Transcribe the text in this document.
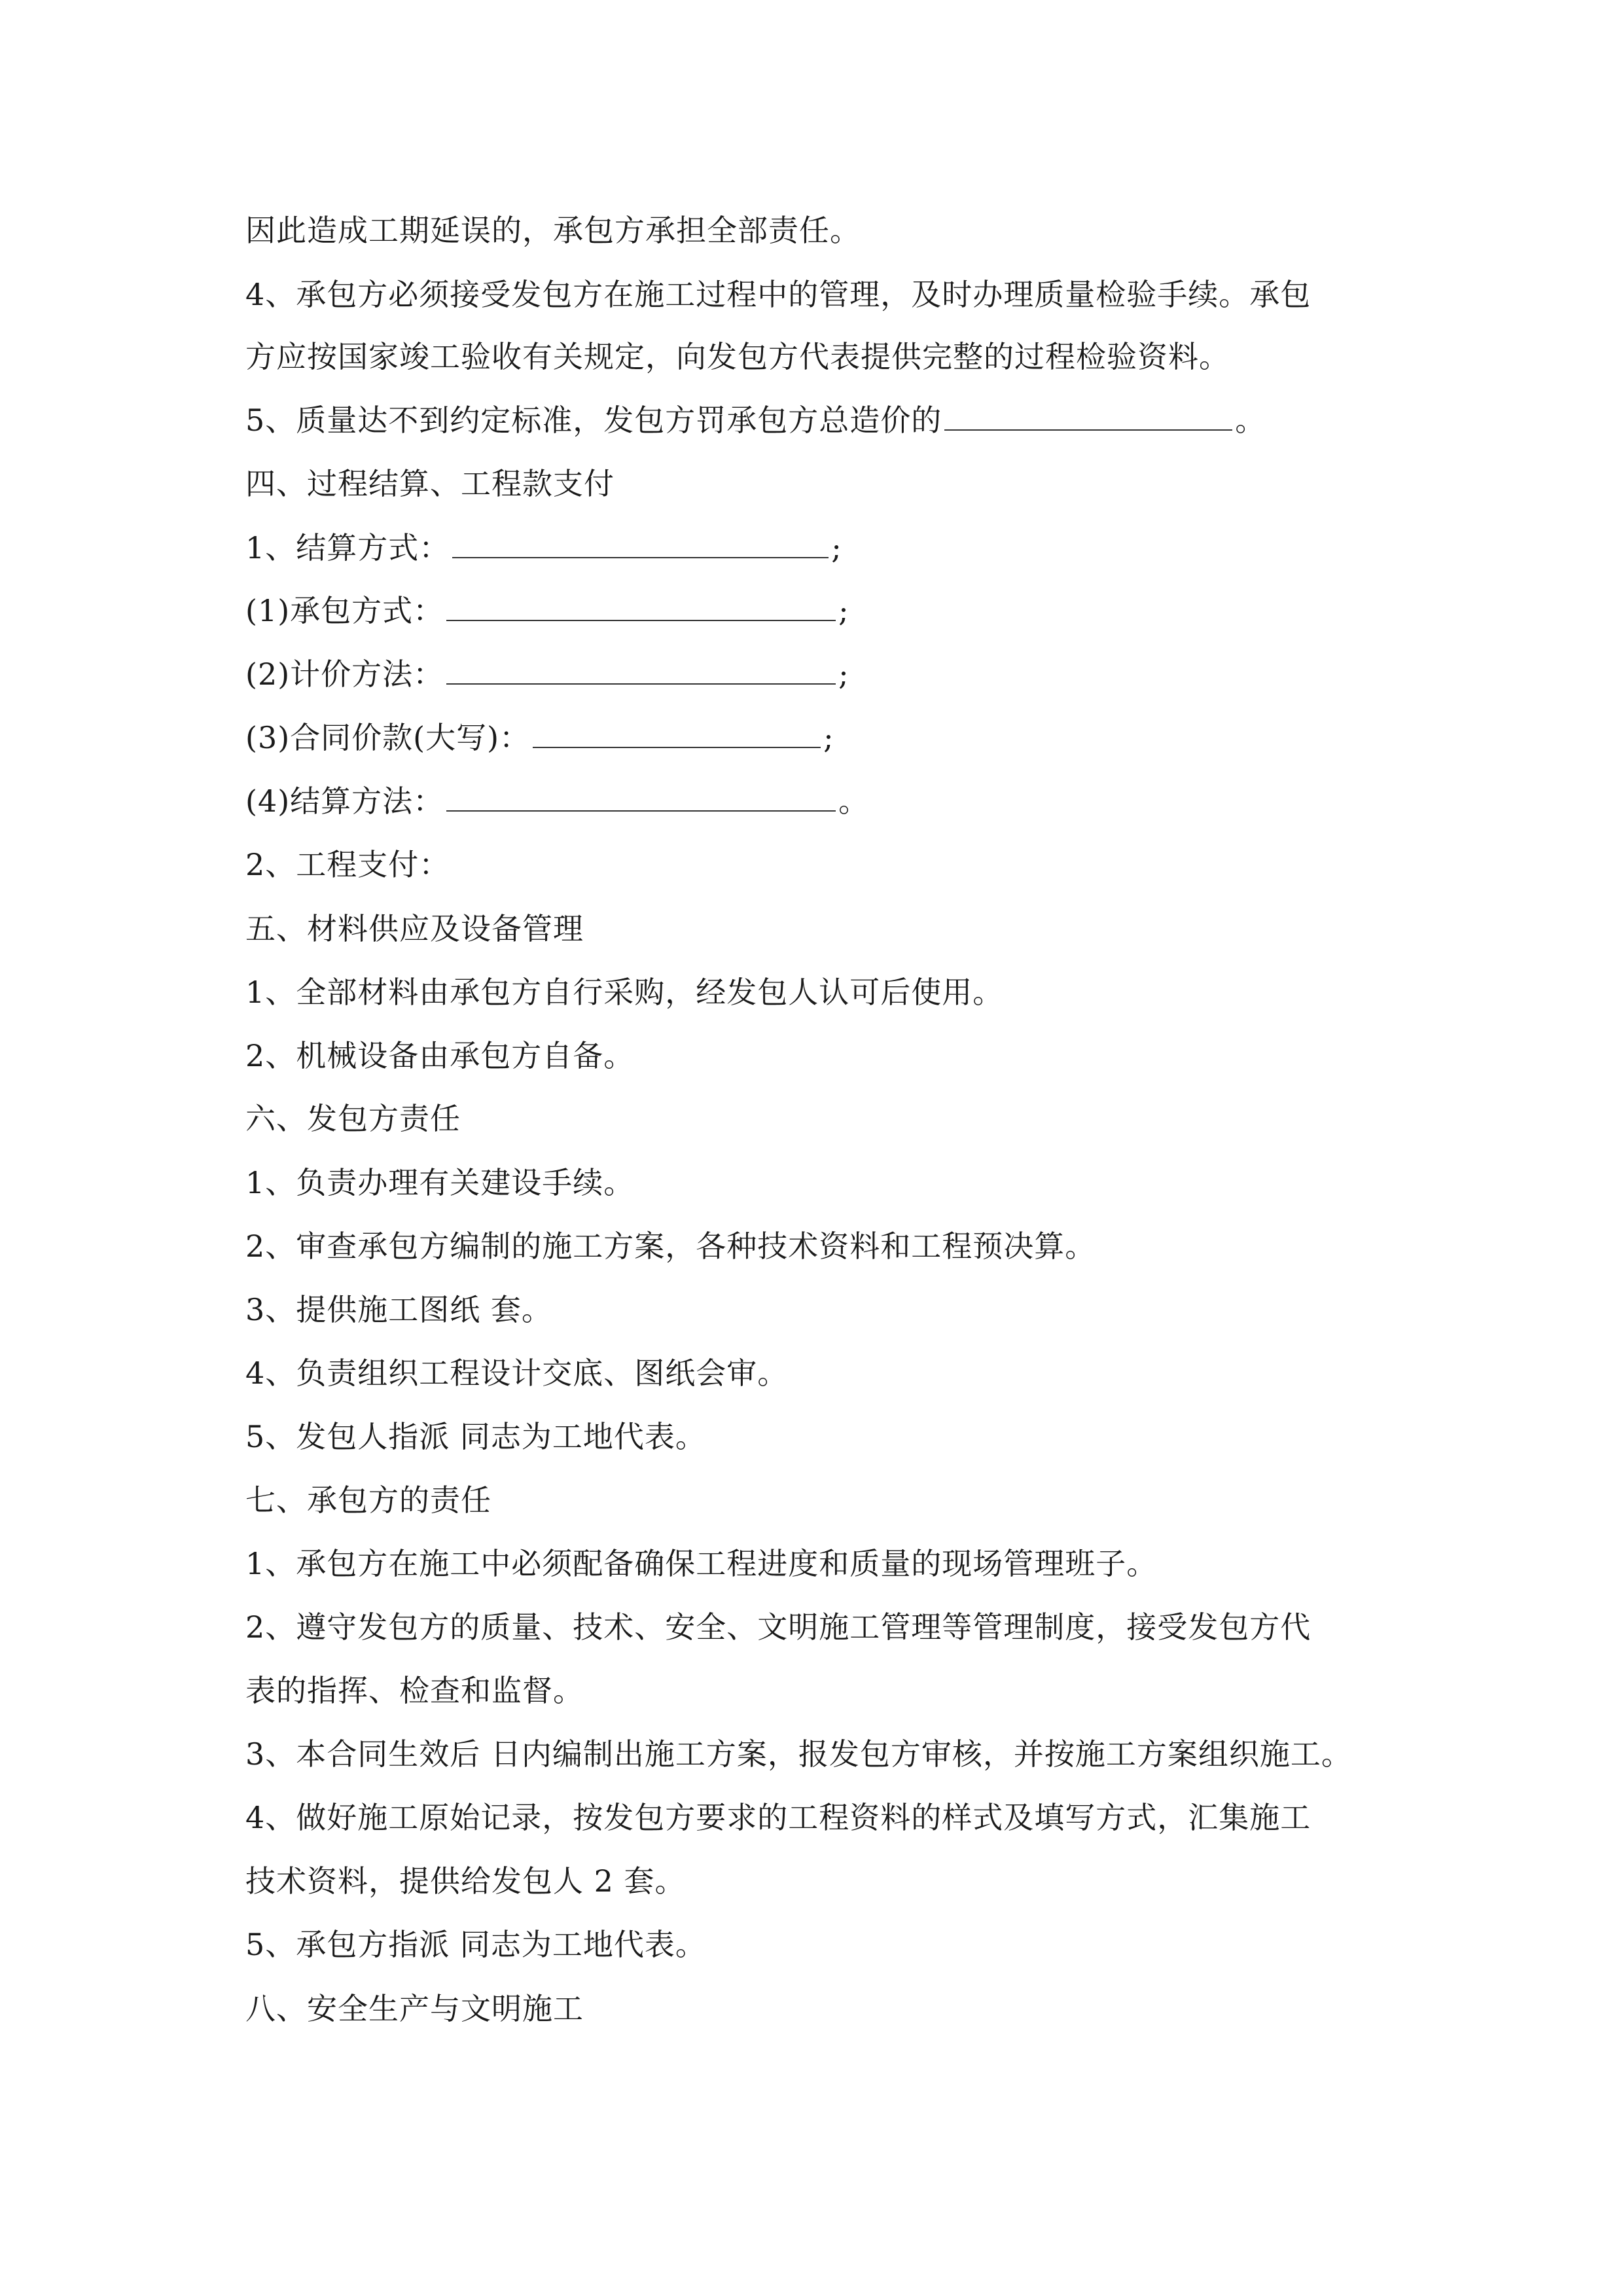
因此造成工期延误的，承包方承担全部责任。
4、承包方必须接受发包方在施工过程中的管理，及时办理质量检验手续。承包
方应按国家竣工验收有关规定，向发包方代表提供完整的过程检验资料。
5、质量达不到约定标准，发包方罚承包方总造价的	。
四、过程结算、工程款支付
1、结算方式：	;
(1)承包方式：	;
(2)计价方法：	;
(3)合同价款(大写)：	;
(4)结算方法：	。
2、工程支付：
五、材料供应及设备管理
1、全部材料由承包方自行采购，经发包人认可后使用。
2、机械设备由承包方自备。
六、发包方责任
1、负责办理有关建设手续。
2、审查承包方编制的施工方案，各种技术资料和工程预决算。
3、提供施工图纸 套。
4、负责组织工程设计交底、图纸会审。
5、发包人指派 同志为工地代表。
七、承包方的责任
1、承包方在施工中必须配备确保工程进度和质量的现场管理班子。
2、遵守发包方的质量、技术、安全、文明施工管理等管理制度，接受发包方代
表的指挥、检查和监督。
3、本合同生效后 日内编制出施工方案，报发包方审核，并按施工方案组织施工。
4、做好施工原始记录，按发包方要求的工程资料的样式及填写方式，汇集施工
技术资料，提供给发包人 2 套。
5、承包方指派 同志为工地代表。
八、安全生产与文明施工
